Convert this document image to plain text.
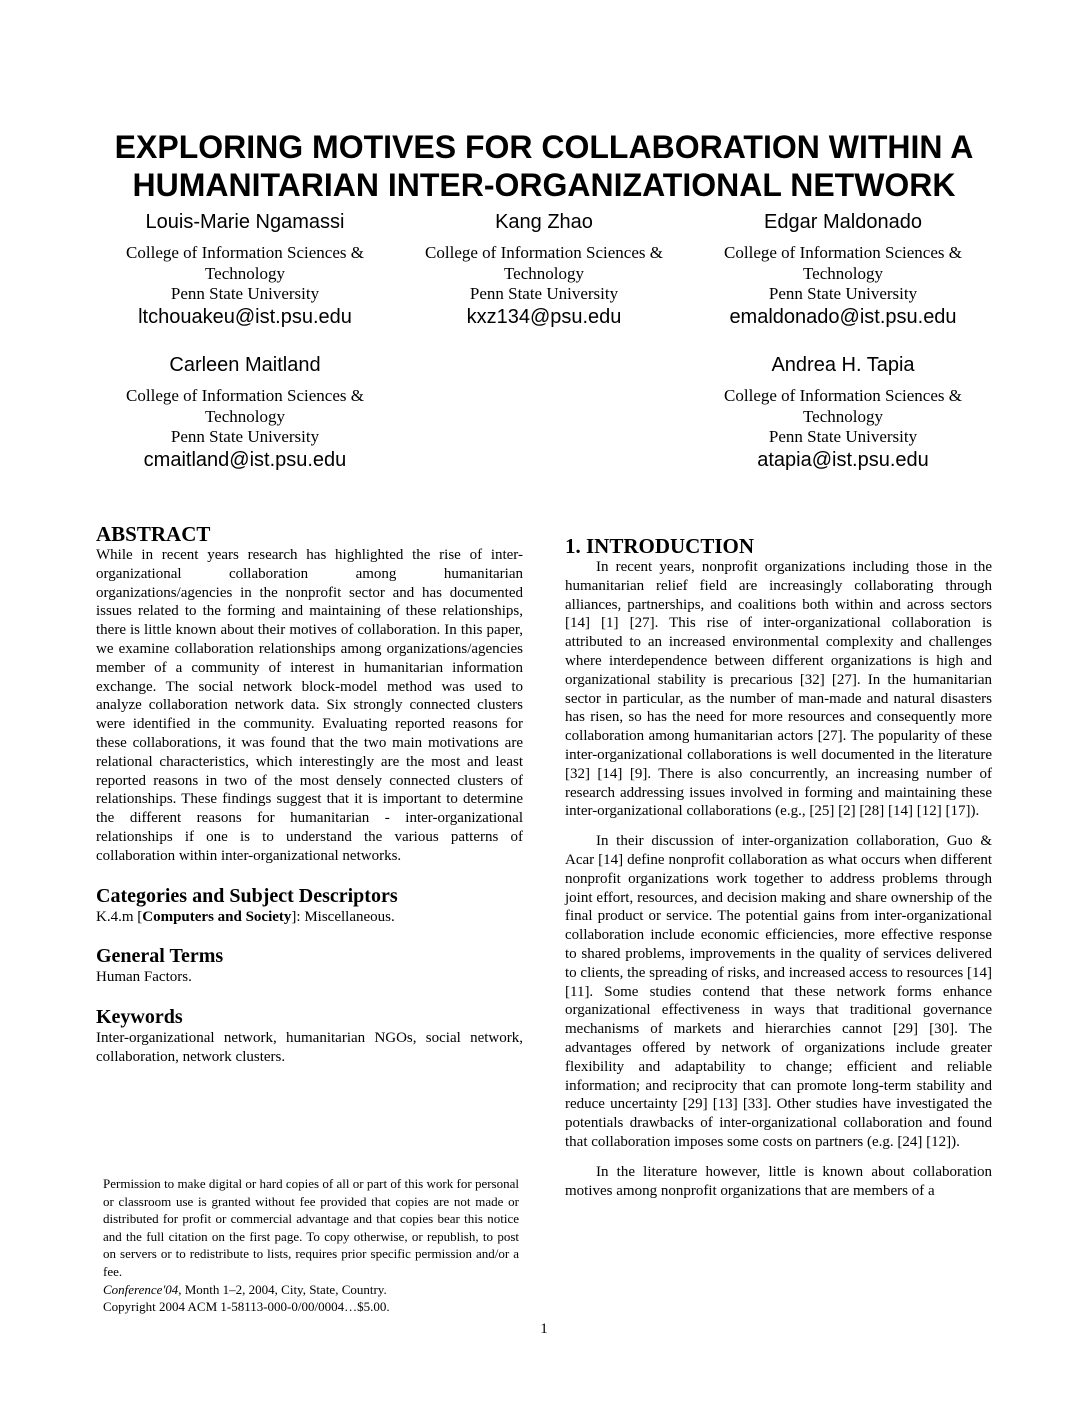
EXPLORING MOTIVES FOR COLLABORATION WITHIN A
HUMANITARIAN INTER-ORGANIZATIONAL NETWORK
Louis-Marie Ngamassi
College of Information Sciences &
Technology
Penn State University
ltchouakeu@ist.psu.edu
Kang Zhao
College of Information Sciences &
Technology
Penn State University
kxz134@psu.edu
Edgar Maldonado
College of Information Sciences &
Technology
Penn State University
emaldonado@ist.psu.edu
Carleen Maitland
College of Information Sciences &
Technology
Penn State University
cmaitland@ist.psu.edu
Andrea H. Tapia
College of Information Sciences &
Technology
Penn State University
atapia@ist.psu.edu
ABSTRACT

While in recent years research has highlighted the rise of inter-organizational collaboration among humanitarian organizations/agencies in the nonprofit sector and has documented issues related to the forming and maintaining of these relationships, there is little known about their motives of collaboration. In this paper, we examine collaboration relationships among organizations/agencies member of a community of interest in humanitarian information exchange. The social network block-model method was used to analyze collaboration network data. Six strongly connected clusters were identified in the community. Evaluating reported reasons for these collaborations, it was found that the two main motivations are relational characteristics, which interestingly are the most and least reported reasons in two of the most densely connected clusters of relationships. These findings suggest that it is important to determine the different reasons for humanitarian - inter-organizational relationships if one is to understand the various patterns of collaboration within inter-organizational networks.

Categories and Subject Descriptors

K.4.m [Computers and Society]: Miscellaneous.

General Terms

Human Factors.

Keywords

Inter-organizational network, humanitarian NGOs, social network, collaboration, network clusters.

Permission to make digital or hard copies of all or part of this work for personal or classroom use is granted without fee provided that copies are not made or distributed for profit or commercial advantage and that copies bear this notice and the full citation on the first page. To copy otherwise, or republish, to post on servers or to redistribute to lists, requires prior specific permission and/or a fee.

Conference'04, Month 1–2, 2004, City, State, Country.

Copyright 2004 ACM 1-58113-000-0/00/0004…$5.00.

1. INTRODUCTION

In recent years, nonprofit organizations including those in the humanitarian relief field are increasingly collaborating through alliances, partnerships, and coalitions both within and across sectors [14] [1] [27]. This rise of inter-organizational collaboration is attributed to an increased environmental complexity and challenges where interdependence between different organizations is high and organizational stability is precarious [32] [27]. In the humanitarian sector in particular, as the number of man-made and natural disasters has risen, so has the need for more resources and consequently more collaboration among humanitarian actors [27]. The popularity of these inter-organizational collaborations is well documented in the literature [32] [14] [9]. There is also concurrently, an increasing number of research addressing issues involved in forming and maintaining these inter-organizational collaborations (e.g., [25] [2] [28] [14] [12] [17]).

In their discussion of inter-organization collaboration, Guo & Acar [14] define nonprofit collaboration as what occurs when different nonprofit organizations work together to address problems through joint effort, resources, and decision making and share ownership of the final product or service. The potential gains from inter-organizational collaboration include economic efficiencies, more effective response to shared problems, improvements in the quality of services delivered to clients, the spreading of risks, and increased access to resources [14] [11]. Some studies contend that these network forms enhance organizational effectiveness in ways that traditional governance mechanisms of markets and hierarchies cannot [29] [30]. The advantages offered by network of organizations include greater flexibility and adaptability to change; efficient and reliable information; and reciprocity that can promote long-term stability and reduce uncertainty [29] [13] [33]. Other studies have investigated the potentials drawbacks of inter-organizational collaboration and found that collaboration imposes some costs on partners (e.g. [24] [12]).

In the literature however, little is known about collaboration motives among nonprofit organizations that are members of a

1
